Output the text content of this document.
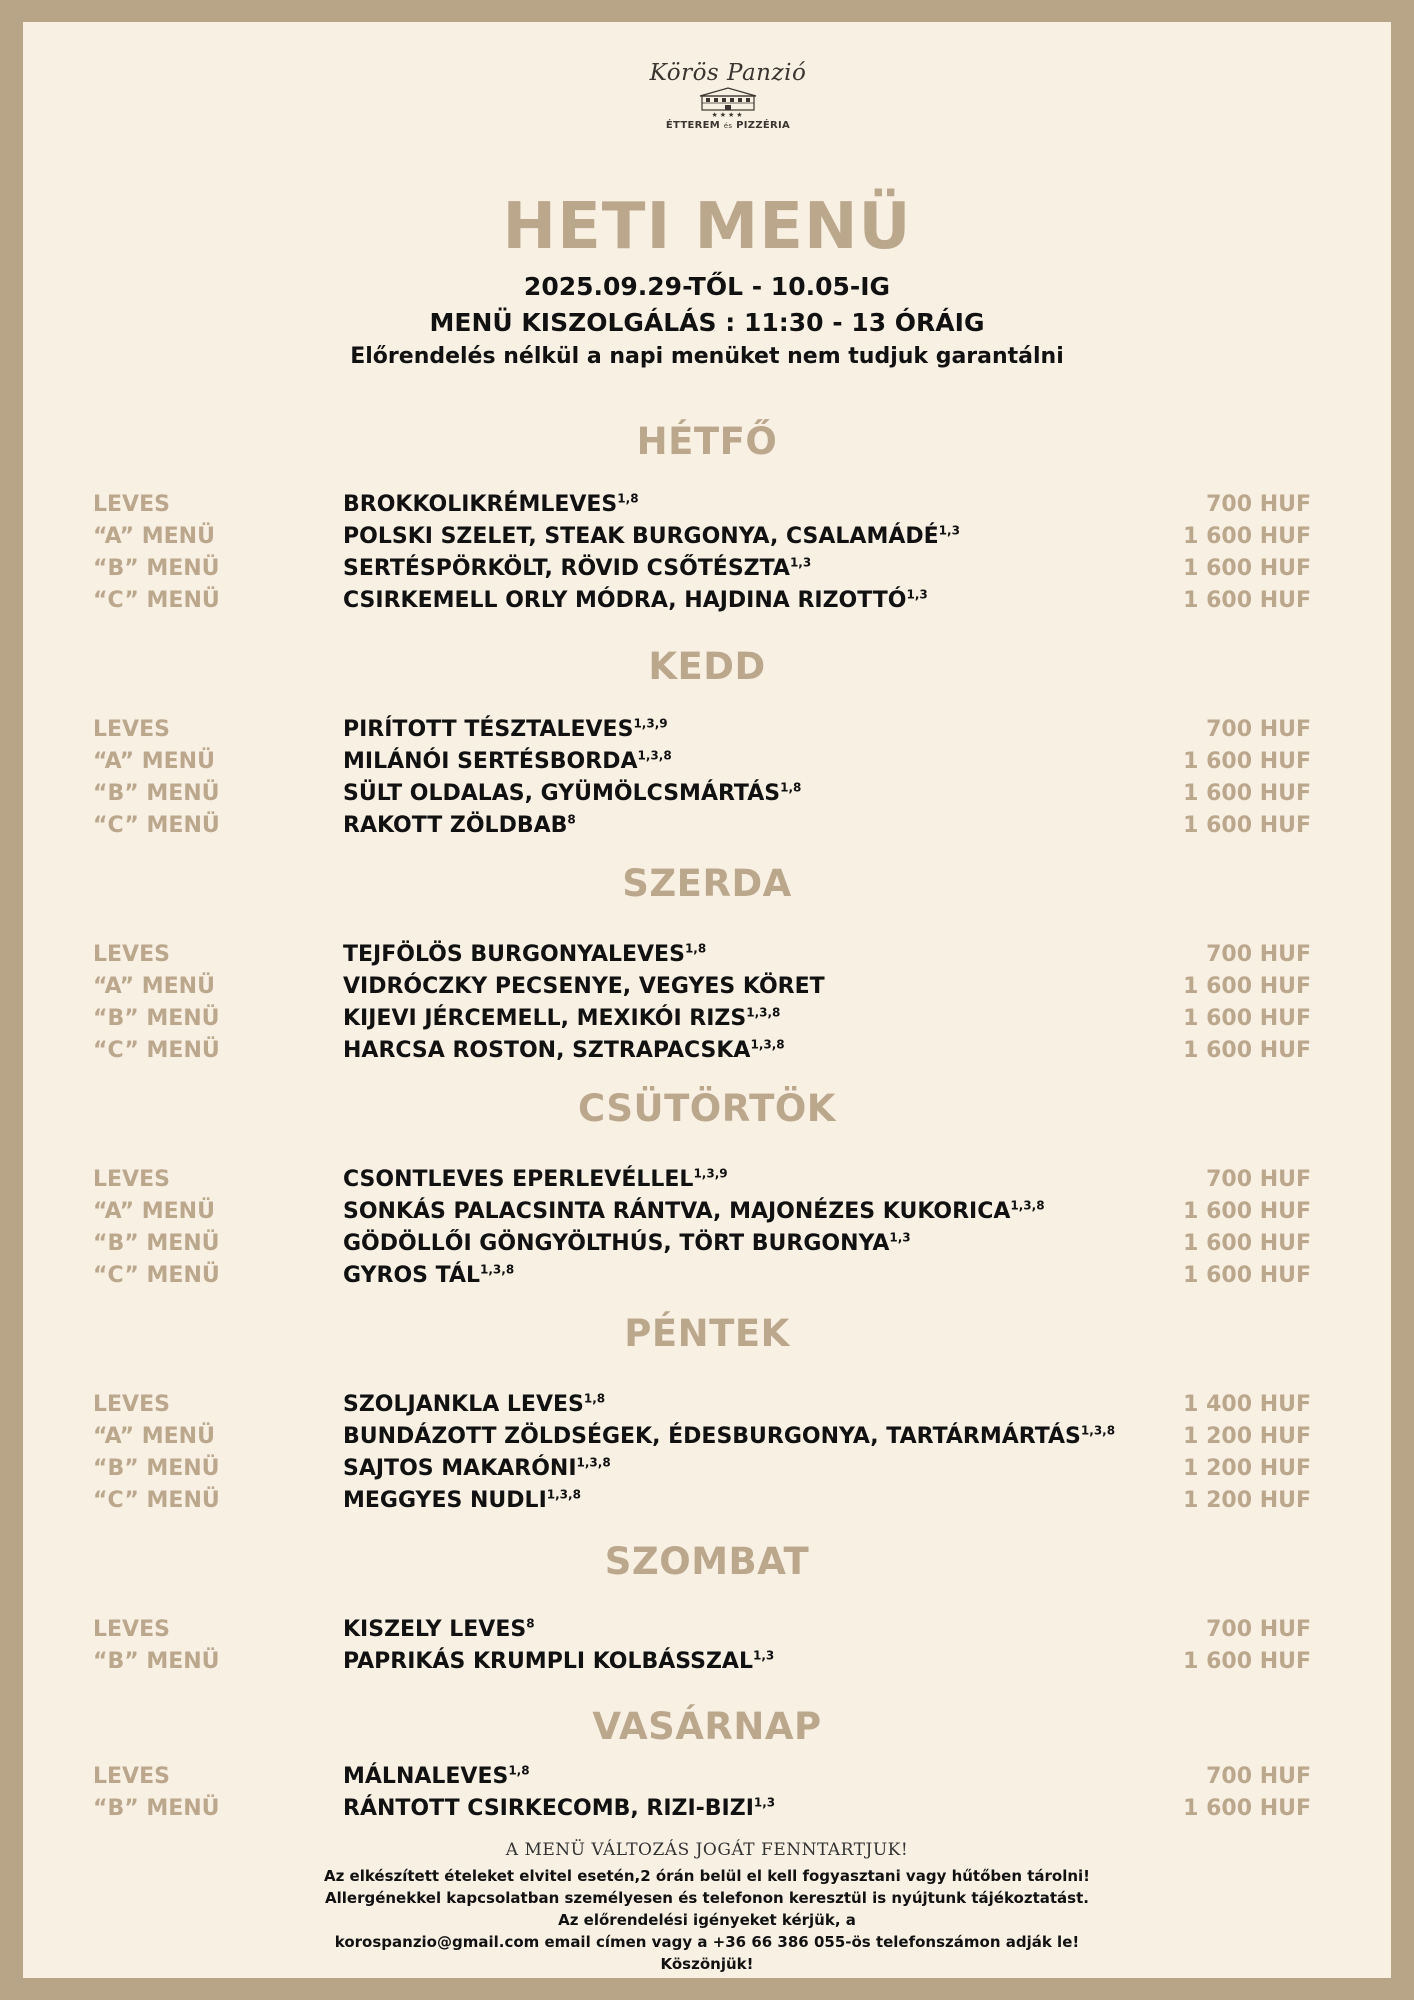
Körös Panzió
★★★★
ÉTTEREM és PIZZÉRIA
HETI MENÜ
2025.09.29-TŐL - 10.05-IG
MENÜ KISZOLGÁLÁS : 11:30 - 13 ÓRÁIG
Előrendelés nélkül a napi menüket nem tudjuk garantálni
HÉTFŐ
LEVES	BROKKOLIKRÉMLEVES$^{1,8}$	700 HUF
“A” MENÜ	POLSKI SZELET, STEAK BURGONYA, CSALAMÁDÉ$^{1,3}$	1 600 HUF
“B” MENÜ	SERTÉSPÖRKÖLT, RÖVID CSŐTÉSZTA$^{1,3}$	1 600 HUF
“C” MENÜ	CSIRKEMELL ORLY MÓDRA, HAJDINA RIZOTTÓ$^{1,3}$	1 600 HUF
KEDD
LEVES	PIRÍTOTT TÉSZTALEVES$^{1,3,9}$	700 HUF
“A” MENÜ	MILÁNÓI SERTÉSBORDA$^{1,3,8}$	1 600 HUF
“B” MENÜ	SÜLT OLDALAS, GYÜMÖLCSMÁRTÁS$^{1,8}$	1 600 HUF
“C” MENÜ	RAKOTT ZÖLDBAB$^8$	1 600 HUF
SZERDA
LEVES	TEJFÖLÖS BURGONYALEVES$^{1,8}$	700 HUF
“A” MENÜ	VIDRÓCZKY PECSENYE, VEGYES KÖRET	1 600 HUF
“B” MENÜ	KIJEVI JÉRCEMELL, MEXIKÓI RIZS$^{1,3,8}$	1 600 HUF
“C” MENÜ	HARCSA ROSTON, SZTRAPACSKA$^{1,3,8}$	1 600 HUF
CSÜTÖRTÖK
LEVES	CSONTLEVES EPERLEVÉLLEL$^{1,3,9}$	700 HUF
“A” MENÜ	SONKÁS PALACSINTA RÁNTVA, MAJONÉZES KUKORICA$^{1,3,8}$	1 600 HUF
“B” MENÜ	GÖDÖLLŐI GÖNGYÖLTHÚS, TÖRT BURGONYA$^{1,3}$	1 600 HUF
“C” MENÜ	GYROS TÁL$^{1,3,8}$	1 600 HUF
PÉNTEK
LEVES	SZOLJANKLA LEVES$^{1,8}$	1 400 HUF
“A” MENÜ	BUNDÁZOTT ZÖLDSÉGEK, ÉDESBURGONYA, TARTÁRMÁRTÁS$^{1,3,8}$	1 200 HUF
“B” MENÜ	SAJTOS MAKARÓNI$^{1,3,8}$	1 200 HUF
“C” MENÜ	MEGGYES NUDLI$^{1,3,8}$	1 200 HUF
SZOMBAT
LEVES	KISZELY LEVES$^8$	700 HUF
“B” MENÜ	PAPRIKÁS KRUMPLI KOLBÁSSZAL$^{1,3}$	1 600 HUF
VASÁRNAP
LEVES	MÁLNALEVES$^{1,8}$	700 HUF
“B” MENÜ	RÁNTOTT CSIRKECOMB, RIZI-BIZI$^{1,3}$	1 600 HUF
A MENÜ VÁLTOZÁS JOGÁT FENNTARTJUK!
Az elkészített ételeket elvitel esetén,2 órán belül el kell fogyasztani vagy hűtőben tárolni!
Allergénekkel kapcsolatban személyesen és telefonon keresztül is nyújtunk tájékoztatást.
Az előrendelési igényeket kérjük, a
korospanzio@gmail.com email címen vagy a +36 66 386 055-ös telefonszámon adják le!
Köszönjük!
